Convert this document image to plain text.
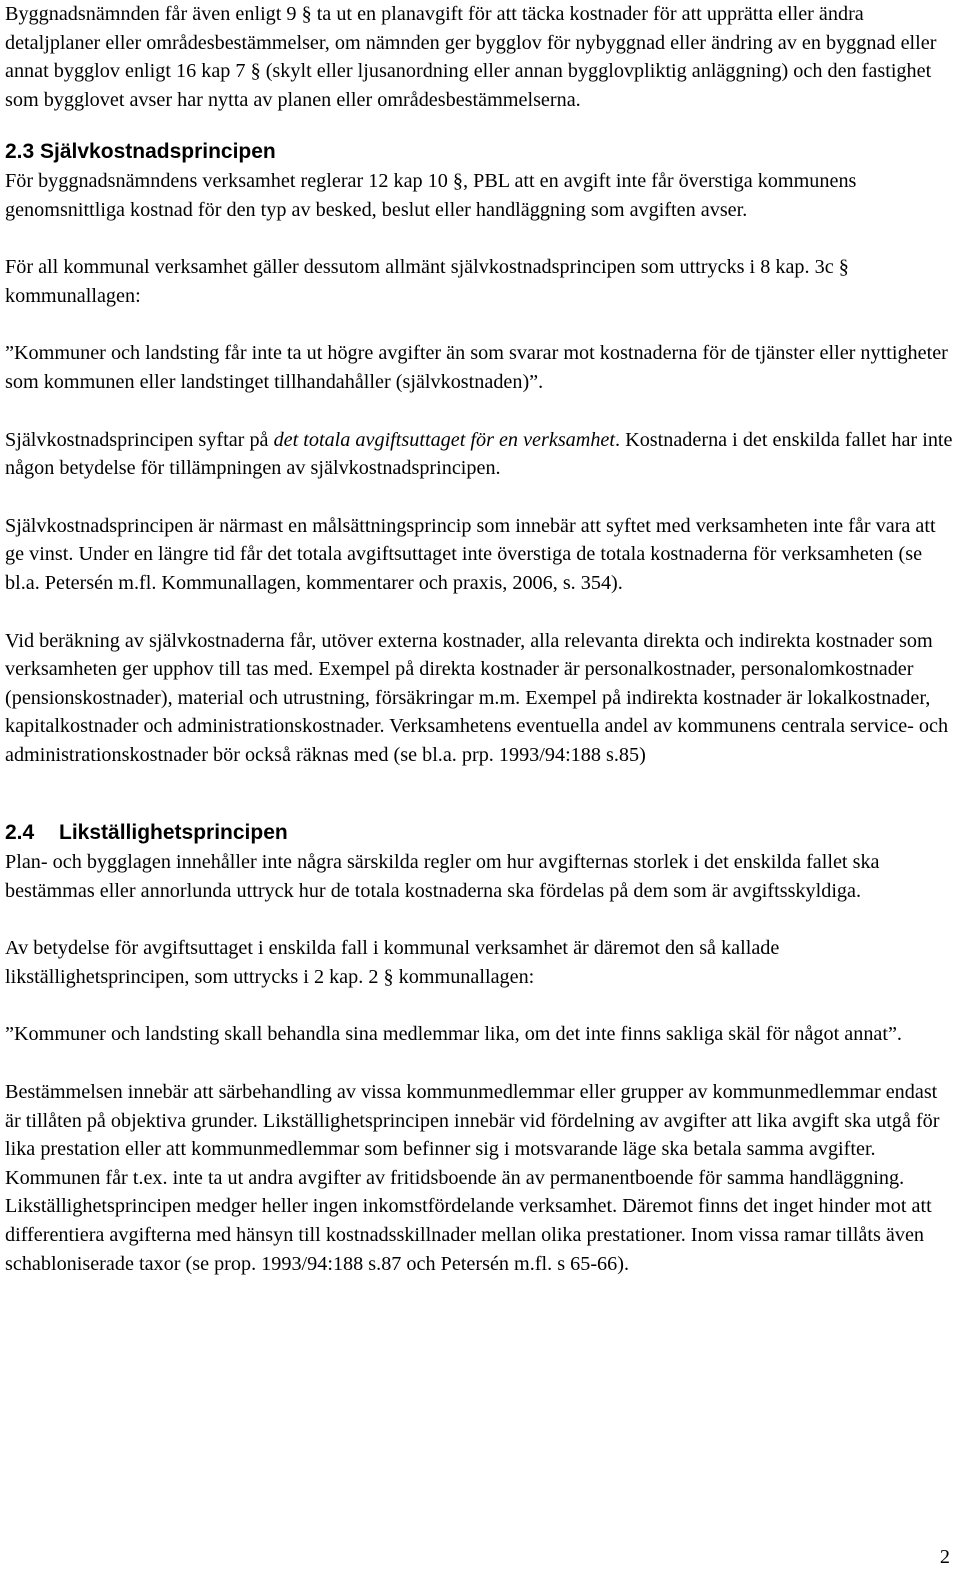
Byggnadsnämnden får även enligt 9 § ta ut en planavgift för att täcka kostnader för att upprätta eller ändra detaljplaner eller områdesbestämmelser, om nämnden ger bygglov för nybyggnad eller ändring av en byggnad eller annat bygglov enligt 16 kap 7 § (skylt eller ljusanordning eller annan bygglovpliktig anläggning) och den fastighet som bygglovet avser har nytta av planen eller områdesbestämmelserna.

2.3 Självkostnadsprincipen

För byggnadsnämndens verksamhet reglerar 12 kap 10 §, PBL att en avgift inte får överstiga kommunens genomsnittliga kostnad för den typ av besked, beslut eller handläggning som avgiften avser.

För all kommunal verksamhet gäller dessutom allmänt självkostnadsprincipen som uttrycks i 8 kap. 3c § kommunallagen:

”Kommuner och landsting får inte ta ut högre avgifter än som svarar mot kostnaderna för de tjänster eller nyttigheter som kommunen eller landstinget tillhandahåller (självkostnaden)”.

Självkostnadsprincipen syftar på det totala avgiftsuttaget för en verksamhet. Kostnaderna i det enskilda fallet har inte någon betydelse för tillämpningen av självkostnadsprincipen.

Självkostnadsprincipen är närmast en målsättningsprincip som innebär att syftet med verksamheten inte får vara att ge vinst. Under en längre tid får det totala avgiftsuttaget inte överstiga de totala kostnaderna för verksamheten (se bl.a. Petersén m.fl. Kommunallagen, kommentarer och praxis, 2006, s. 354).

Vid beräkning av självkostnaderna får, utöver externa kostnader, alla relevanta direkta och indirekta kostnader som verksamheten ger upphov till tas med. Exempel på direkta kostnader är personalkostnader, personalomkostnader (pensionskostnader), material och utrustning, försäkringar m.m. Exempel på indirekta kostnader är lokalkostnader, kapitalkostnader och administrationskostnader. Verksamhetens eventuella andel av kommunens centrala service- och administrationskostnader bör också räknas med (se bl.a. prp. 1993/94:188 s.85)

2.4 Likställighetsprincipen

Plan- och bygglagen innehåller inte några särskilda regler om hur avgifternas storlek i det enskilda fallet ska bestämmas eller annorlunda uttryck hur de totala kostnaderna ska fördelas på dem som är avgiftsskyldiga.

Av betydelse för avgiftsuttaget i enskilda fall i kommunal verksamhet är däremot den så kallade likställighetsprincipen, som uttrycks i 2 kap. 2 § kommunallagen:

”Kommuner och landsting skall behandla sina medlemmar lika, om det inte finns sakliga skäl för något annat”.

Bestämmelsen innebär att särbehandling av vissa kommunmedlemmar eller grupper av kommunmedlemmar endast är tillåten på objektiva grunder. Likställighetsprincipen innebär vid fördelning av avgifter att lika avgift ska utgå för lika prestation eller att kommunmedlemmar som befinner sig i motsvarande läge ska betala samma avgifter. Kommunen får t.ex. inte ta ut andra avgifter av fritidsboende än av permanentboende för samma handläggning. Likställighetsprincipen medger heller ingen inkomstfördelande verksamhet. Däremot finns det inget hinder mot att differentiera avgifterna med hänsyn till kostnadsskillnader mellan olika prestationer. Inom vissa ramar tillåts även schabloniserade taxor (se prop. 1993/94:188 s.87 och Petersén m.fl. s 65-66).

2
